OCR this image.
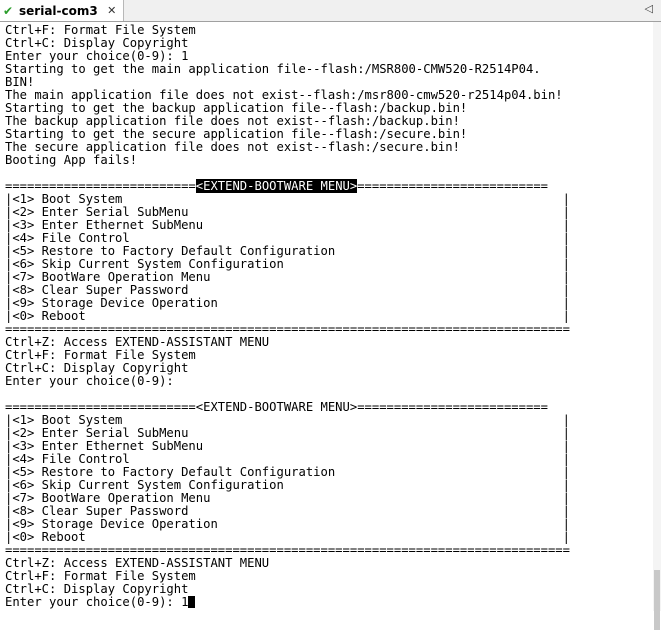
✔ serial-com3 ✕	◁
Ctrl+F: Format File System
Ctrl+C: Display Copyright
Enter your choice(0-9): 1
Starting to get the main application file--flash:/MSR800-CMW520-R2514P04.
BIN!
The main application file does not exist--flash:/msr800-cmw520-r2514p04.bin!
Starting to get the backup application file--flash:/backup.bin!
The backup application file does not exist--flash:/backup.bin!
Starting to get the secure application file--flash:/secure.bin!
The secure application file does not exist--flash:/secure.bin!
Booting App fails!
==========================<EXTEND-BOOTWARE MENU>==========================
|<1> Boot System                                                            |
|<2> Enter Serial SubMenu                                                   |
|<3> Enter Ethernet SubMenu                                                 |
|<4> File Control                                                           |
|<5> Restore to Factory Default Configuration                               |
|<6> Skip Current System Configuration                                      |
|<7> BootWare Operation Menu                                                |
|<8> Clear Super Password                                                   |
|<9> Storage Device Operation                                               |
|<0> Reboot                                                                 |
=============================================================================
Ctrl+Z: Access EXTEND-ASSISTANT MENU
Ctrl+F: Format File System
Ctrl+C: Display Copyright
Enter your choice(0-9):
==========================<EXTEND-BOOTWARE MENU>==========================
|<1> Boot System                                                            |
|<2> Enter Serial SubMenu                                                   |
|<3> Enter Ethernet SubMenu                                                 |
|<4> File Control                                                           |
|<5> Restore to Factory Default Configuration                               |
|<6> Skip Current System Configuration                                      |
|<7> BootWare Operation Menu                                                |
|<8> Clear Super Password                                                   |
|<9> Storage Device Operation                                               |
|<0> Reboot                                                                 |
=============================================================================
Ctrl+Z: Access EXTEND-ASSISTANT MENU
Ctrl+F: Format File System
Ctrl+C: Display Copyright
Enter your choice(0-9): 1
